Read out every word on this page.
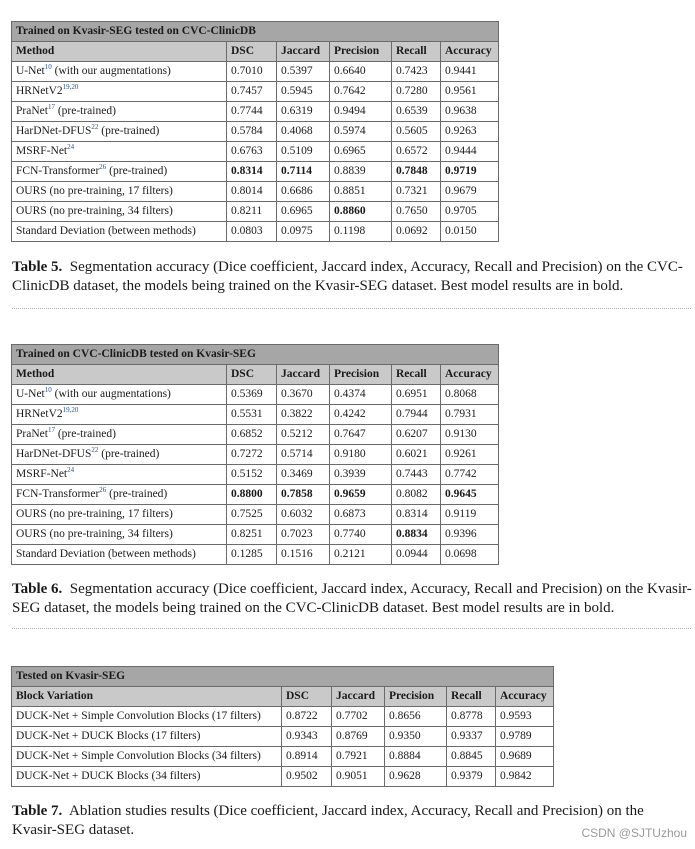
Trained on Kvasir-SEG tested on CVC-ClinicDB					
Method	DSC	Jaccard	Precision	Recall	Accuracy
U-Net$^{10}$ (with our augmentations)	0.7010	0.5397	0.6640	0.7423	0.9441
HRNetV2$^{19,20}$	0.7457	0.5945	0.7642	0.7280	0.9561
PraNet$^{17}$ (pre-trained)	0.7744	0.6319	0.9494	0.6539	0.9638
HarDNet-DFUS$^{22}$ (pre-trained)	0.5784	0.4068	0.5974	0.5605	0.9263
MSRF-Net$^{24}$	0.6763	0.5109	0.6965	0.6572	0.9444
FCN-Transformer$^{26}$ (pre-trained)	0.8314	0.7114	0.8839	0.7848	0.9719
OURS (no pre-training, 17 filters)	0.8014	0.6686	0.8851	0.7321	0.9679
OURS (no pre-training, 34 filters)	0.8211	0.6965	0.8860	0.7650	0.9705
Standard Deviation (between methods)	0.0803	0.0975	0.1198	0.0692	0.0150
Table 5. Segmentation accuracy (Dice coefficient, Jaccard index, Accuracy, Recall and Precision) on the CVC-ClinicDB dataset, the models being trained on the Kvasir-SEG dataset. Best model results are in bold.
Trained on CVC-ClinicDB tested on Kvasir-SEG					
Method	DSC	Jaccard	Precision	Recall	Accuracy
U-Net$^{10}$ (with our augmentations)	0.5369	0.3670	0.4374	0.6951	0.8068
HRNetV2$^{19,20}$	0.5531	0.3822	0.4242	0.7944	0.7931
PraNet$^{17}$ (pre-trained)	0.6852	0.5212	0.7647	0.6207	0.9130
HarDNet-DFUS$^{22}$ (pre-trained)	0.7272	0.5714	0.9180	0.6021	0.9261
MSRF-Net$^{24}$	0.5152	0.3469	0.3939	0.7443	0.7742
FCN-Transformer$^{26}$ (pre-trained)	0.8800	0.7858	0.9659	0.8082	0.9645
OURS (no pre-training, 17 filters)	0.7525	0.6032	0.6873	0.8314	0.9119
OURS (no pre-training, 34 filters)	0.8251	0.7023	0.7740	0.8834	0.9396
Standard Deviation (between methods)	0.1285	0.1516	0.2121	0.0944	0.0698
Table 6. Segmentation accuracy (Dice coefficient, Jaccard index, Accuracy, Recall and Precision) on the Kvasir-SEG dataset, the models being trained on the CVC-ClinicDB dataset. Best model results are in bold.
Tested on Kvasir-SEG					
Block Variation	DSC	Jaccard	Precision	Recall	Accuracy
DUCK-Net + Simple Convolution Blocks (17 filters)	0.8722	0.7702	0.8656	0.8778	0.9593
DUCK-Net + DUCK Blocks (17 filters)	0.9343	0.8769	0.9350	0.9337	0.9789
DUCK-Net + Simple Convolution Blocks (34 filters)	0.8914	0.7921	0.8884	0.8845	0.9689
DUCK-Net + DUCK Blocks (34 filters)	0.9502	0.9051	0.9628	0.9379	0.9842
Table 7. Ablation studies results (Dice coefficient, Jaccard index, Accuracy, Recall and Precision) on the Kvasir-SEG dataset.	CSDN @SJTUzhou
